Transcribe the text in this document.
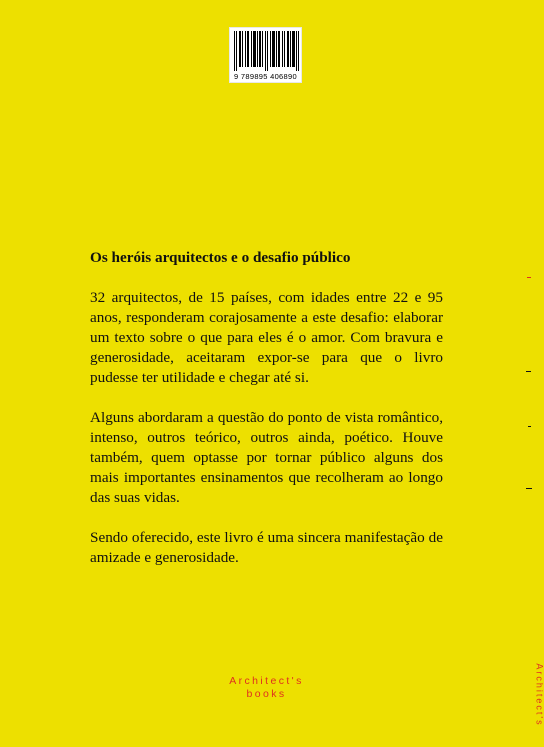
9 789895 406890
Os heróis arquitectos e o desafio público

32 arquitectos, de 15 países, com idades entre 22 e 95 anos, responderam corajosamente a este desafio: elaborar um texto sobre o que para eles é o amor. Com bravura e generosidade, aceitaram expor-se para que o livro pudesse ter utilidade e chegar até si.

Alguns abordaram a questão do ponto de vista romântico, intenso, outros teórico, outros ainda, poético. Houve também, quem optasse por tornar público alguns dos mais importantes ensinamentos que recolheram ao longo das suas vidas.

Sendo oferecido, este livro é uma sincera manifestação de amizade e generosidade.

Architect's
books	Architect's
